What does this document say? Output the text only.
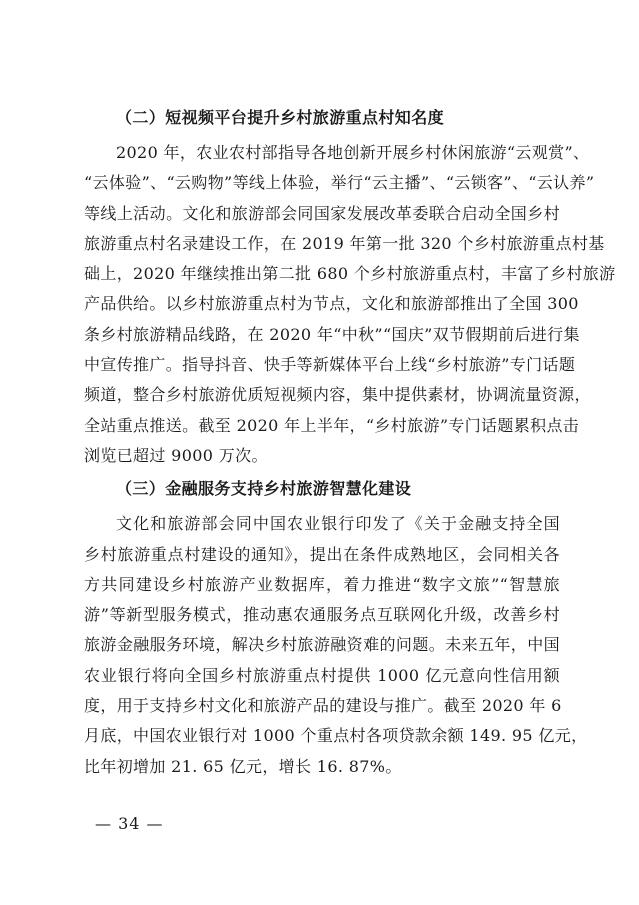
（二）短视频平台提升乡村旅游重点村知名度
2020 年，农业农村部指导各地创新开展乡村休闲旅游“云观赏”、
“云体验”、“云购物”等线上体验，举行“云主播”、“云锁客”、“云认养”
等线上活动。文化和旅游部会同国家发展改革委联合启动全国乡村
旅游重点村名录建设工作，在 2019 年第一批 320 个乡村旅游重点村基
础上，2020 年继续推出第二批 680 个乡村旅游重点村，丰富了乡村旅游
产品供给。以乡村旅游重点村为节点，文化和旅游部推出了全国 300
条乡村旅游精品线路，在 2020 年“中秋”“国庆”双节假期前后进行集
中宣传推广。指导抖音、快手等新媒体平台上线“乡村旅游”专门话题
频道，整合乡村旅游优质短视频内容，集中提供素材，协调流量资源，
全站重点推送。截至 2020 年上半年，“乡村旅游”专门话题累积点击
浏览已超过 9000 万次。
（三）金融服务支持乡村旅游智慧化建设
文化和旅游部会同中国农业银行印发了《关于金融支持全国
乡村旅游重点村建设的通知》，提出在条件成熟地区，会同相关各
方共同建设乡村旅游产业数据库，着力推进“数字文旅”“智慧旅
游”等新型服务模式，推动惠农通服务点互联网化升级，改善乡村
旅游金融服务环境，解决乡村旅游融资难的问题。未来五年，中国
农业银行将向全国乡村旅游重点村提供 1000 亿元意向性信用额
度，用于支持乡村文化和旅游产品的建设与推广。截至 2020 年 6
月底，中国农业银行对 1000 个重点村各项贷款余额 149. 95 亿元，
比年初增加 21. 65 亿元，增长 16. 87%。

— 34 —
